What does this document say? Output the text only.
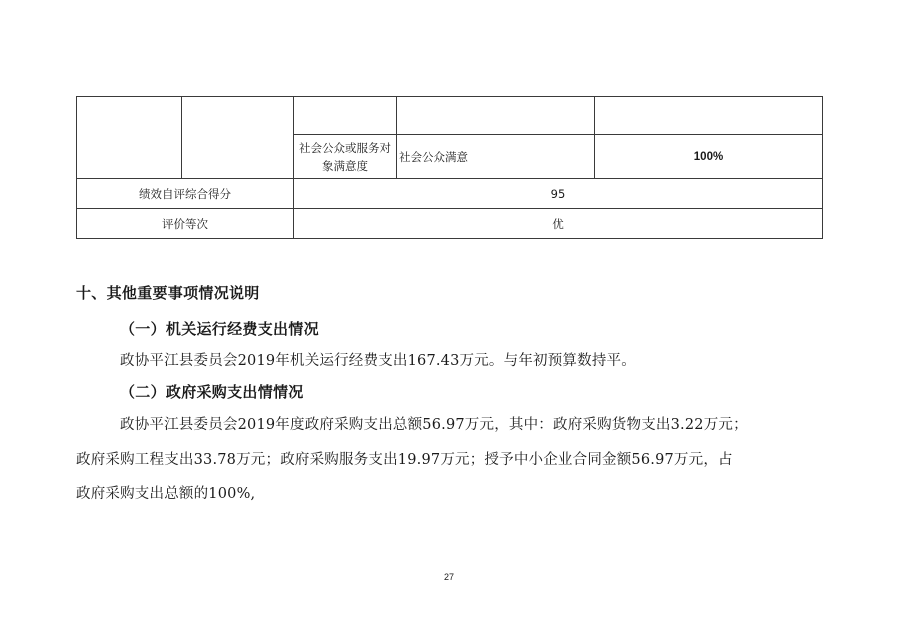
		社会公众或服务对象满意度	社会公众满意	100%
绩效自评综合得分		95		
评价等次		优		
十、其他重要事项情况说明
（一）机关运行经费支出情况
政协平江县委员会2019年机关运行经费支出167.43万元。与年初预算数持平。
（二）政府采购支出情情况
政协平江县委员会2019年度政府采购支出总额56.97万元，其中：政府采购货物支出3.22万元；
政府采购工程支出33.78万元；政府采购服务支出19.97万元；授予中小企业合同金额56.97万元，占
政府采购支出总额的100%,
27
